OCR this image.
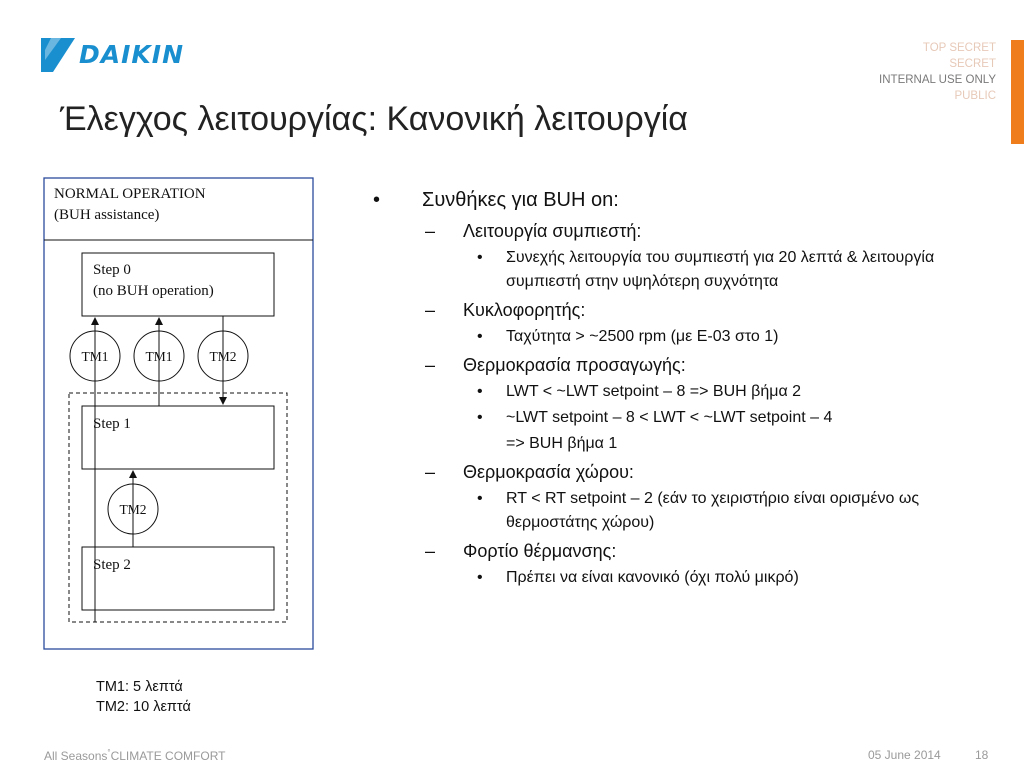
DAIKIN	TOP SECRET
SECRET
INTERNAL USE ONLY
PUBLIC
Έλεγχος λειτουργίας: Κανονική λειτουργία
NORMAL OPERATION
(BUH assistance)
Step 0
(no BUH operation)
Step 1
Step 2
TM1	TM1	TM2
TM2
TM1: 5 λεπτά
TM2: 10 λεπτά
• Συνθήκες για BUH on:
– Λειτουργία συμπιεστή:
• Συνεχής λειτουργία του συμπιεστή για 20 λεπτά & λειτουργία συμπιεστή στην υψηλότερη συχνότητα
– Κυκλοφορητής:
• Ταχύτητα > ~2500 rpm (με E-03 στο 1)
– Θερμοκρασία προσαγωγής:
• LWT < ~LWT setpoint – 8 => BUH βήμα 2
• ~LWT setpoint – 8 < LWT < ~LWT setpoint – 4
=> BUH βήμα 1
– Θερμοκρασία χώρου:
• RT < RT setpoint – 2 (εάν το χειριστήριο είναι ορισμένο ως θερμοστάτης χώρου)
– Φορτίο θέρμανσης:
• Πρέπει να είναι κανονικό (όχι πολύ μικρό)
All Seasons°CLIMATE COMFORT	05 June 2014	18
